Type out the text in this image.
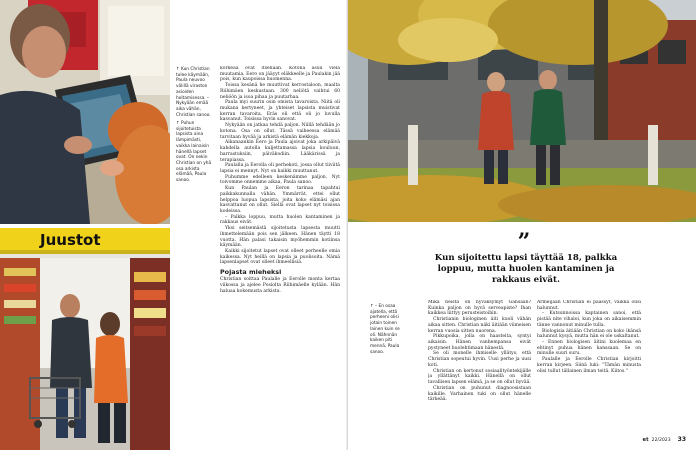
Juustot
↑ Kun Christian tulee käymään, Paula neuvoo välillä viraston asioiden hoitamisessa. – Nykyään emää aika vähän, Christian sanoo.
↑ Puhun sijoitetuista lapsista aina lämpimästi, vaikka lainaisin hänellä lapset ovat. On nekin Christian on yhä osa arkista elämää, Paula sanoo.

korkeaa ovat itsellään. Kotona asuu vielä muutamia. Eero on jääyyt eläkkeelle ja Paulakin jää pois, kun kaupoissa huomenna.

Toissa kesänä he muuttivat kerrostaloon, maalta Riihimäen keskustaan. 300 neliötä vaihtui 60 neliöön ja isoa pihaa ja puutarhaa.

Paula myi suurin osin omista tavaroista. Niitä oli mukana kertyneet, ja yhteiset lapsista muistivat kerran tavaroita. Eräs oli että oli jo luvulla kasvanut. Toisissa hyvin sanovat.

Nykyään on jatkaa tehdä paljon. Niillä tehdään jo kotona. Osa on ollut. Tässä vaiheessa elämää tarvitaan hyvää ja arkistä elämän kiekkoja.

Aikanaankin Eero ja Paula ajoivat joka arkipäivä kahdella autolla kuljettamassa lapsia kouluun, harrastuksiin, päiväkodiin. Lääkärissä ja terapiassa.

Paulalla ja Eerolla oli perhekoti, jossa ollut tiiviitä lapsia ei mennyt. Nyt on kaikki muuttanut.

Puhumme edelleen keskenämme paljon. Nyt toivomme onnemme aikaa, Paula sanoo.

Kun Paulan ja Eeron tarinaa tapahtui paikkakunnalla vähän. Ymmärrät, ettei ollut helppoa luopua lapsista, joita koko elämäsi ajan kasvattanut on ollut. Siellä ovat lapset nyt toisissa kodeissa.

– Palkka loppuu, mutta huolen kantaminen ja rakkaus eivät.

Yksi seitsemästä sijoitetusta lapsesta muutti ihmettelemään pois sen jälkeen. Hänen täytti 18 vuotta. Hän palasi takaisin myöhemmin kotiinsa käymään.

Kaikki sijoitetut lapset ovat olleet perheelle omia kaikessa. Nyt heillä on lapsia ja puolisoita. Nämä lapsenlapset ovat olleet ihmeellisiä.

Pojasta mieheksi

Christian soittaa Paulalle ja Eerolle monta kertaa viikossa ja ajelee Posiolta Riihimäelle kylään. Hän haluaa kokemusta arkista.

↑ – En osaa ajatella, että perheeni olisi jotain toinen lainen kuin se oli. Nähnnän kaiken piti mennä, Paula sanoo.
”
Kun sijoitettu lapsi täyttää 18, palkka loppuu, mutta huolen kantaminen ja rakkaus eivät.

Mikä heistä on hyväksymyt Gansaan? Kuinka paljon on hyvä serveapiste? Ihan kaikkea liittyy perusteistoihin.

Christianin biologinen äiti kuoli vähän aikaa sitten. Christian näki äitiään viimeisen kerran vuosia sitten nuorena.

Pikkupoika, jolla on haasteita, syntyi aikaisin. Hänen vanhempansa eivät pystyneet huolehtimaan hänestä.

Se oli monelle ihmiselle yllätys, että Christian sopeutui hyvin. Uusi perhe ja uusi koti.

Christian on kertonut sosiaalityöntekijälle ja yllättänyt kaikki. Hänellä on ollut tavallisen lapsen elämä, ja se on ollut hyvää.

Christian on puhunut diagnoosistaan kaikille. Varhainen tuki on ollut hänelle tärkeää.

Armeijaan Christian ei päässyt, vaikka olisi halunnut.

– Kutsunnoissa kaptainen sanoi, että pistää nite vihaloi, kun joka on aikaisemmin tänne vannonut minulle tulla.

Biologisia äitiään Christian on koko ikänsä halunnut kysyä, mutta hän ei ole uskaltanut.

– Ennen biologisen äitini kuolemaa en ehtinyt puhua hänen kanssaan. Se on minulle suuri suru.

Paulalle ja Eerolle Christian kirjoitti kerran kirjeen. Siinä luki: "Tämän minusta olisi tullut tällainen ilman teitä. Kiitos."

et 22/2023 33
